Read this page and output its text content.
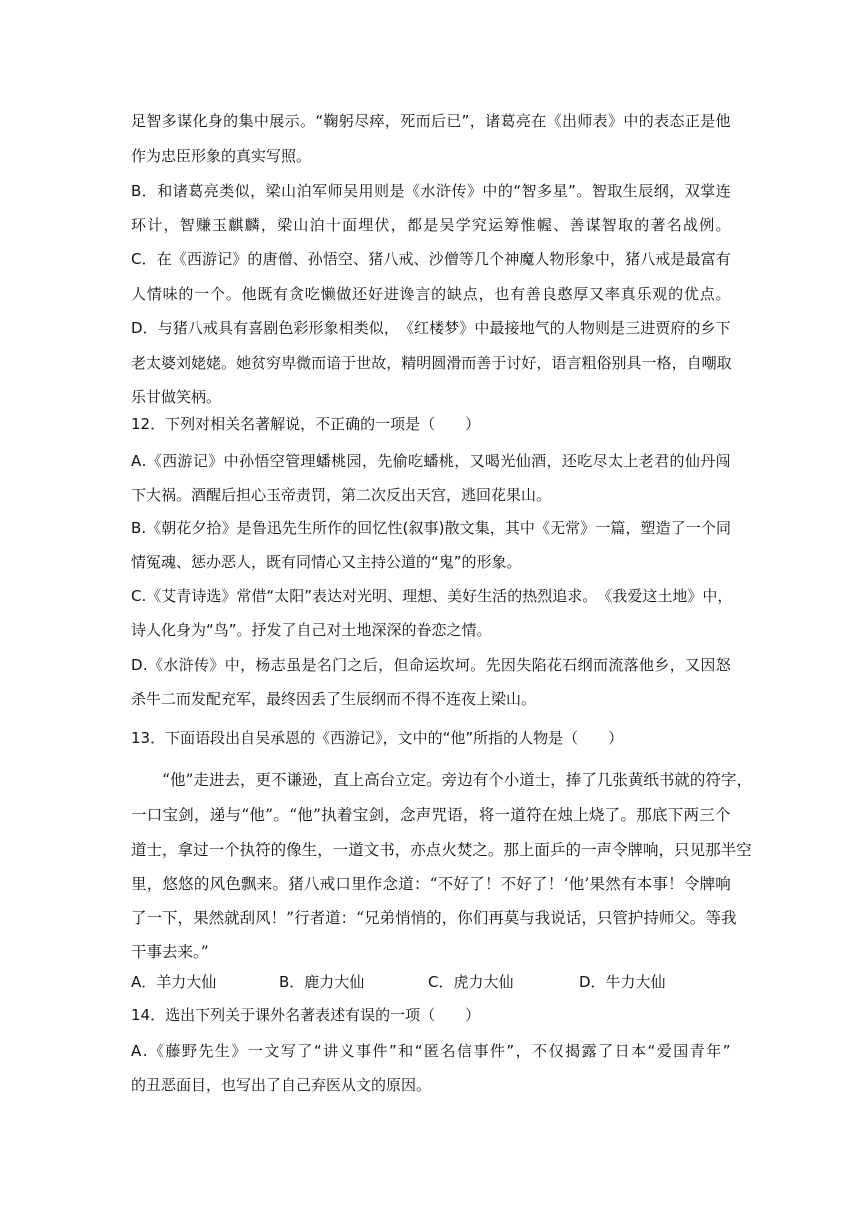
足 智 多 谋 化 身 的 集 中 展 示 。 “ 鞠 躬 尽 瘁 ， 死 而 后 已 ” ， 诸 葛 亮 在 《 出 师 表 》 中 的 表 态 正 是 他
作为忠臣形象的真实写照。
B ． 和 诸 葛 亮 类 似 ， 梁 山 泊 军 师 吴 用 则 是 《 水 浒 传 》 中 的 “ 智 多 星 ” 。 智 取 生 辰 纲 ， 双 掌 连
环 计 ， 智 赚 玉 麒 麟 ， 梁 山 泊 十 面 埋 伏 ， 都 是 吴 学 究 运 筹 惟 幄 、 善 谋 智 取 的 著 名 战 例 。
C ． 在 《 西 游 记 》 的 唐 僧 、 孙 悟 空 、 猪 八 戒 、 沙 僧 等 几 个 神 魔 人 物 形 象 中 ， 猪 八 戒 是 最 富 有
人 情 味 的 一 个 。 他 既 有 贪 吃 懒 做 还 好 进 谗 言 的 缺 点 ， 也 有 善 良 憨 厚 又 率 真 乐 观 的 优 点 。
D ． 与 猪 八 戒 具 有 喜 剧 色 彩 形 象 相 类 似 ， 《 红 楼 梦 》 中 最 接 地 气 的 人 物 则 是 三 进 贾 府 的 乡 下
老 太 婆 刘 姥 姥 。 她 贫 穷 卑 微 而 谙 于 世 故 ， 精 明 圆 滑 而 善 于 讨 好 ， 语 言 粗 俗 别 具 一 格 ， 自 嘲 取
乐甘做笑柄。
12．下列对相关名著解说，不正确的一项是（　　）
A . 《 西 游 记 》 中 孙 悟 空 管 理 蟠 桃 园 ， 先 偷 吃 蟠 桃 ， 又 喝 光 仙 酒 ， 还 吃 尽 太 上 老 君 的 仙 丹 闯
下大祸。酒醒后担心玉帝责罚，第二次反出天宫，逃回花果山。
B . 《 朝 花 夕 拾 》 是 鲁 迅 先 生 所 作 的 回 忆 性 ( 叙 事 ) 散 文 集 ， 其 中 《 无 常 》 一 篇 ， 塑 造 了 一 个 同
情冤魂、惩办恶人，既有同情心又主持公道的“鬼”的形象。
C . 《 艾 青 诗 选 》 常 借 “ 太 阳 ” 表 达 对 光 明 、 理 想 、 美 好 生 活 的 热 烈 追 求 。 《 我 爱 这 土 地 》 中 ，
诗人化身为“鸟”。抒发了自己对土地深深的眷恋之情。
D . 《 水 浒 传 》 中 ， 杨 志 虽 是 名 门 之 后 ， 但 命 运 坎 坷 。 先 因 失 陷 花 石 纲 而 流 落 他 乡 ， 又 因 怒
杀牛二而发配充军，最终因丢了生辰纲而不得不连夜上梁山。
13．下面语段出自吴承恩的《西游记》，文中的“他”所指的人物是（　　）

“ 他 ” 走 进 去 ， 更 不 谦 逊 ， 直 上 高 台 立 定 。 旁 边 有 个 小 道 士 ， 捧 了 几 张 黄 纸 书 就 的 符 字 ，
一 口 宝 剑 ， 递 与 “ 他 ” 。 “ 他 ” 执 着 宝 剑 ， 念 声 咒 语 ， 将 一 道 符 在 烛 上 烧 了 。 那 底 下 两 三 个
道 士 ， 拿 过 一 个 执 符 的 像 生 ， 一 道 文 书 ， 亦 点 火 焚 之 。 那 上 面 乒 的 一 声 令 牌 响 ， 只 见 那 半 空
里 ， 悠 悠 的 风 色 飘 来 。 猪 八 戒 口 里 作 念 道 ： “ 不 好 了 ！ 不 好 了 ！ ‘ 他 ’ 果 然 有 本 事 ！ 令 牌 响
了 一 下 ， 果 然 就 刮 风 ！ ” 行 者 道 ： “ 兄 弟 悄 悄 的 ， 你 们 再 莫 与 我 说 话 ， 只 管 护 持 师 父 。 等 我
干事去来。”
A．羊力大仙	B．鹿力大仙	C．虎力大仙	D．牛力大仙
14．选出下列关于课外名著表述有误的一项（　　）
A . 《 藤 野 先 生 》 一 文 写 了 “ 讲 义 事 件 ” 和 “ 匿 名 信 事 件 ” ， 不 仅 揭 露 了 日 本 “ 爱 国 青 年 ”
的丑恶面目，也写出了自己弃医从文的原因。
